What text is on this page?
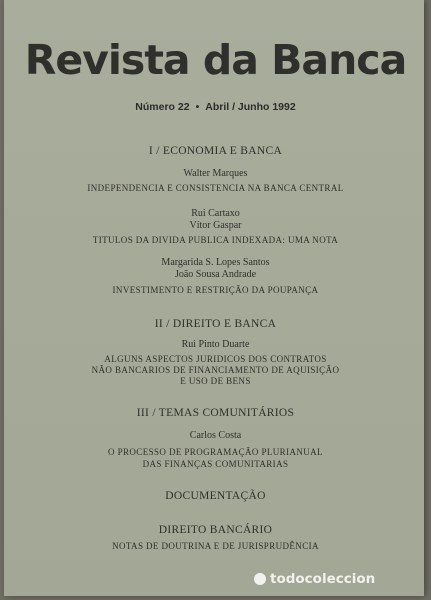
Revista da Banca
Número 22 • Abril / Junho 1992
I / ECONOMIA E BANCA
Walter Marques
INDEPENDENCIA E CONSISTENCIA NA BANCA CENTRAL
Rui Cartaxo
Vítor Gaspar
TITULOS DA DIVIDA PUBLICA INDEXADA: UMA NOTA
Margarida S. Lopes Santos
João Sousa Andrade
INVESTIMENTO E RESTRIÇÃO DA POUPANÇA
II / DIREITO E BANCA
Rui Pinto Duarte
ALGUNS ASPECTOS JURIDICOS DOS CONTRATOS
NÃO BANCARIOS DE FINANCIAMENTO DE AQUISIÇÃO
E USO DE BENS
III / TEMAS COMUNITÁRIOS
Carlos Costa
O PROCESSO DE PROGRAMAÇÃO PLURIANUAL
DAS FINANÇAS COMUNITARIAS
DOCUMENTAÇÃO
DIREITO BANCÁRIO
NOTAS DE DOUTRINA E DE JURISPRUDÊNCIA
todocoleccion
